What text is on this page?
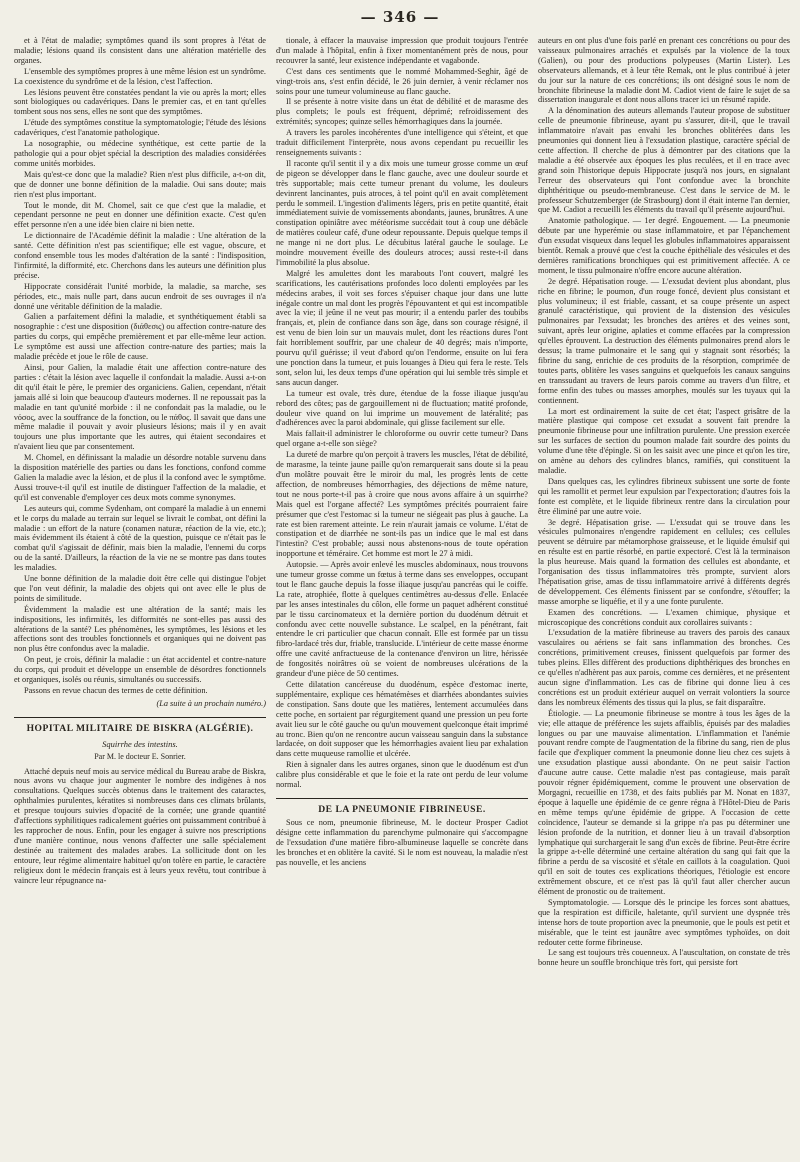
— 346 —

et à l'état de maladie; symptômes quand ils sont propres à l'état de maladie; lésions quand ils consistent dans une altération matérielle des organes.

L'ensemble des symptômes propres à une même lésion est un syndrôme. La coexistence du syndrôme et de la lésion, c'est l'affection.

Les lésions peuvent être constatées pendant la vie ou après la mort; elles sont biologiques ou cadavériques. Dans le premier cas, et en tant qu'elles tombent sous nos sens, elles ne sont que des symptômes.

L'étude des symptômes constitue la symptomatologie; l'étude des lésions cadavériques, c'est l'anatomie pathologique.

La nosographie, ou médecine synthétique, est cette partie de la pathologie qui a pour objet spécial la description des maladies considérées comme unités morbides.

Mais qu'est-ce donc que la maladie? Rien n'est plus difficile, a-t-on dit, que de donner une bonne définition de la maladie. Oui sans doute; mais rien n'est plus important.

Tout le monde, dit M. Chomel, sait ce que c'est que la maladie, et cependant personne ne peut en donner une définition exacte. C'est qu'en effet personne n'en a une idée bien claire ni bien nette.

Le dictionnaire de l'Académie définit la maladie : Une altération de la santé. Cette définition n'est pas scientifique; elle est vague, obscure, et confond ensemble tous les modes d'altération de la santé : l'indisposition, l'infirmité, la difformité, etc. Cherchons dans les auteurs une définition plus précise.

Hippocrate considérait l'unité morbide, la maladie, sa marche, ses périodes, etc., mais nulle part, dans aucun endroit de ses ouvrages il n'a donné une véritable définition de la maladie.

Galien a parfaitement défini la maladie, et synthétiquement établi sa nosographie : c'est une disposition (διάθεσις) ou affection contre-nature des parties du corps, qui empêche premièrement et par elle-même leur action. Le symptôme est aussi une affection contre-nature des parties; mais la maladie précède et joue le rôle de cause.

Ainsi, pour Galien, la maladie était une affection contre-nature des parties : c'était la lésion avec laquelle il confondait la maladie. Aussi a-t-on dit qu'il était le père, le premier des organiciens. Galien, cependant, n'était jamais allé si loin que beaucoup d'auteurs modernes. Il ne repoussait pas la maladie en tant qu'unité morbide : il ne confondait pas la maladie, ou le νόσος, avec la souffrance de la fonction, ou le πάθος. Il savait que dans une même maladie il pouvait y avoir plusieurs lésions; mais il y en avait toujours une plus importante que les autres, qui étaient secondaires et n'avaient lieu que par consentement.

M. Chomel, en définissant la maladie un désordre notable survenu dans la disposition matérielle des parties ou dans les fonctions, confond comme Galien la maladie avec la lésion, et de plus il la confond avec le symptôme. Aussi trouve-t-il qu'il est inutile de distinguer l'affection de la maladie, et qu'il est convenable d'employer ces deux mots comme synonymes.

Les auteurs qui, comme Sydenham, ont comparé la maladie à un ennemi et le corps du malade au terrain sur lequel se livrait le combat, ont défini la maladie : un effort de la nature (conamen naturæ, réaction de la vie, etc.); mais évidemment ils étaient à côté de la question, puisque ce n'était pas le combat qu'il s'agissait de définir, mais bien la maladie, l'ennemi du corps ou de la santé. D'ailleurs, la réaction de la vie ne se montre pas dans toutes les maladies.

Une bonne définition de la maladie doit être celle qui distingue l'objet que l'on veut définir, la maladie des objets qui ont avec elle le plus de points de similitude.

Évidemment la maladie est une altération de la santé; mais les indispositions, les infirmités, les difformités ne sont-elles pas aussi des altérations de la santé? Les phénomènes, les symptômes, les lésions et les affections sont des troubles fonctionnels et organiques qui ne doivent pas non plus être confondus avec la maladie.

On peut, je crois, définir la maladie : un état accidentel et contre-nature du corps, qui produit et développe un ensemble de désordres fonctionnels et organiques, isolés ou réunis, simultanés ou successifs.

Passons en revue chacun des termes de cette définition.

(La suite à un prochain numéro.)
HOPITAL MILITAIRE DE BISKRA (ALGÉRIE).
Squirrhe des intestins.
Par M. le docteur E. Sonrier.

Attaché depuis neuf mois au service médical du Bureau arabe de Biskra, nous avons vu chaque jour augmenter le nombre des indigènes à nos consultations. Quelques succès obtenus dans le traitement des cataractes, ophthalmies purulentes, kératites si nombreuses dans ces climats brûlants, et presque toujours suivies d'opacité de la cornée; une grande quantité d'affections syphilitiques radicalement guéries ont puissamment contribué à les rapprocher de nous. Enfin, pour les engager à suivre nos prescriptions d'une manière continue, nous venons d'affecter une salle spécialement destinée au traitement des malades arabes. La sollicitude dont on les entoure, leur régime alimentaire habituel qu'on tolère en partie, le caractère religieux dont le médecin français est à leurs yeux revêtu, tout contribue à vaincre leur répugnance na-

tionale, à effacer la mauvaise impression que produit toujours l'entrée d'un malade à l'hôpital, enfin à fixer momentanément près de nous, pour recouvrer la santé, leur existence indépendante et vagabonde.

C'est dans ces sentiments que le nommé Mohammed-Seghir, âgé de vingt-trois ans, s'est enfin décidé, le 26 juin dernier, à venir réclamer nos soins pour une tumeur volumineuse au flanc gauche.

Il se présente à notre visite dans un état de débilité et de marasme des plus complets; le pouls est fréquent, déprimé; refroidissement des extrémités; syncopes; quinze selles hémorrhagiques dans la journée.

A travers les paroles incohérentes d'une intelligence qui s'éteint, et que traduit difficilement l'interprète, nous avons cependant pu recueillir les renseignements suivants :

Il raconte qu'il sentit il y a dix mois une tumeur grosse comme un œuf de pigeon se développer dans le flanc gauche, avec une douleur sourde et très supportable; mais cette tumeur prenant du volume, les douleurs devinrent lancinantes, puis atroces, à tel point qu'il en avait complètement perdu le sommeil. L'ingestion d'aliments légers, pris en petite quantité, était immédiatement suivie de vomissements abondants, jaunes, brunâtres. A une constipation opiniâtre avec météorisme succédait tout à coup une débâcle de matières couleur café, d'une odeur repoussante. Depuis quelque temps il ne mange ni ne dort plus. Le décubitus latéral gauche le soulage. Le moindre mouvement éveille des douleurs atroces; aussi reste-t-il dans l'immobilité la plus absolue.

Malgré les amulettes dont les marabouts l'ont couvert, malgré les scarifications, les cautérisations profondes loco dolenti employées par les médecins arabes, il voit ses forces s'épuiser chaque jour dans une lutte inégale contre un mal dont les progrès l'épouvantent et qui est incompatible avec la vie; il jeûne il ne veut pas mourir; il a entendu parler des toubibs français, et, plein de confiance dans son âge, dans son courage résigné, il est venu de bien loin sur un mauvais mulet, dont les réactions dures l'ont fait horriblement souffrir, par une chaleur de 40 degrés; mais n'importe, pourvu qu'il guérisse; il veut d'abord qu'on l'endorme, ensuite on lui fera une ponction dans la tumeur, et puis louanges à Dieu qui fera le reste. Tels sont, selon lui, les deux temps d'une opération qui lui semble très simple et sans aucun danger.

La tumeur est ovale, très dure, étendue de la fosse iliaque jusqu'au rebord des côtes; pas de gargouillement ni de fluctuation; matité profonde, douleur vive quand on lui imprime un mouvement de latéralité; pas d'adhérences avec la paroi abdominale, qui glisse facilement sur elle.

Mais fallait-il administrer le chloroforme ou ouvrir cette tumeur? Dans quel organe a-t-elle son siège?

La dureté de marbre qu'on perçoit à travers les muscles, l'état de débilité, de marasme, la teinte jaune paille qu'on remarquerait sans doute si la peau d'un molâtre pouvait être le miroir du mal, les progrès lents de cette affection, de nombreuses hémorrhagies, des déjections de même nature, tout ne nous porte-t-il pas à croire que nous avons affaire à un squirrhe? Mais quel est l'organe affecté? Les symptômes précités pourraient faire présumer que c'est l'estomac si la tumeur ne siégeait pas plus à gauche. La rate est bien rarement atteinte. Le rein n'aurait jamais ce volume. L'état de constipation et de diarrhée ne sont-ils pas un indice que le mal est dans l'intestin? C'est probable; aussi nous abstenons-nous de toute opération inopportune et téméraire. Cet homme est mort le 27 à midi.

Autopsie. — Après avoir enlevé les muscles abdominaux, nous trouvons une tumeur grosse comme un fœtus à terme dans ses enveloppes, occupant tout le flanc gauche depuis la fosse iliaque jusqu'au pancréas qui le coiffe. La rate, atrophiée, flotte à quelques centimètres au-dessus d'elle. Enlacée par les anses intestinales du côlon, elle forme un paquet adhérent constitué par le tissu carcinomateux et la dernière portion du duodénum détruit et confondu avec cette nouvelle substance. Le scalpel, en la pénétrant, fait entendre le cri particulier que chacun connaît. Elle est formée par un tissu fibro-lardacé très dur, friable, translucide. L'intérieur de cette masse énorme offre une cavité anfractueuse de la contenance d'environ un litre, hérissée de fongosités noirâtres où se voient de nombreuses ulcérations de la grandeur d'une pièce de 50 centimes.

Cette dilatation cancéreuse du duodénum, espèce d'estomac inerte, supplémentaire, explique ces hématémèses et diarrhées abondantes suivies de constipation. Sans doute que les matières, lentement accumulées dans cette poche, en sortaient par régurgitement quand une pression un peu forte avait lieu sur le côté gauche ou qu'un mouvement quelconque était imprimé au tronc. Bien qu'on ne rencontre aucun vaisseau sanguin dans la substance lardacée, on doit supposer que les hémorrhagies avaient lieu par exhalation dans cette muqueuse ramollie et ulcérée.

Rien à signaler dans les autres organes, sinon que le duodénum est d'un calibre plus considérable et que le foie et la rate ont perdu de leur volume normal.

DE LA PNEUMONIE FIBRINEUSE.

Sous ce nom, pneumonie fibrineuse, M. le docteur Prosper Cadiot désigne cette inflammation du parenchyme pulmonaire qui s'accompagne de l'exsudation d'une matière fibro-albumineuse laquelle se concrète dans les bronches et en oblitère la cavité. Si le nom est nouveau, la maladie n'est pas nouvelle, et les anciens

auteurs en ont plus d'une fois parlé en prenant ces concrétions ou pour des vaisseaux pulmonaires arrachés et expulsés par la violence de la toux (Galien), ou pour des productions polypeuses (Martin Lister). Les observateurs allemands, et à leur tête Remak, ont le plus contribué à jeter du jour sur la nature de ces concrétions; ils ont désigné sous le nom de bronchite fibrineuse la maladie dont M. Cadiot vient de faire le sujet de sa dissertation inaugurale et dont nous allons tracer ici un résumé rapide.

A la dénomination des auteurs allemands l'auteur propose de substituer celle de pneumonie fibrineuse, ayant pu s'assurer, dit-il, que le travail inflammatoire n'avait pas envahi les bronches oblitérées dans les pneumonies qui donnent lieu à l'exsudation plastique, caractère spécial de cette affection. Il cherche de plus à démontrer par des citations que la maladie a été observée aux époques les plus reculées, et il en trace avec grand soin l'historique depuis Hippocrate jusqu'à nos jours, en signalant l'erreur des observateurs qui l'ont confondue avec la bronchite diphthéritique ou pseudo-membraneuse. C'est dans le service de M. le professeur Schutzemberger (de Strasbourg) dont il était interne l'an dernier, que M. Cadiot a recueilli les éléments du travail qu'il présente aujourd'hui.

Anatomie pathologique. — 1er degré. Engouement. — La pneumonie débute par une hyperémie ou stase inflammatoire, et par l'épanchement d'un exsudat visqueux dans lequel les globules inflammatoires apparaissent bientôt. Remak a prouvé que c'est la couche épithéliale des vésicules et des dernières ramifications bronchiques qui est primitivement affectée. A ce moment, le tissu pulmonaire n'offre encore aucune altération.

2e degré. Hépatisation rouge. — L'exsudat devient plus abondant, plus riche en fibrine; le poumon, d'un rouge foncé, devient plus consistant et plus volumineux; il est friable, cassant, et sa coupe présente un aspect granulé caractéristique, qui provient de la distension des vésicules pulmonaires par l'exsudat; les bronches des artères et des veines sont, suivant, après leur origine, aplaties et comme effacées par la compression qu'elles éprouvent. La destruction des éléments pulmonaires prend alors le dessus; la trame pulmonaire et le sang qui y stagnait sont résorbés; la fibrine du sang, enrichie de ces produits de la résorption, comprimée de toutes parts, oblitère les vases sanguins et quelquefois les canaux sanguins en transsudant au travers de leurs parois comme au travers d'un filtre, et forme enfin des tubes ou masses amorphes, moulés sur les tuyaux qui la contiennent.

La mort est ordinairement la suite de cet état; l'aspect grisâtre de la matière plastique qui compose cet exsudat a souvent fait prendre la pneumonie fibrineuse pour une infiltration purulente. Une pression exercée sur les surfaces de section du poumon malade fait sourdre des points du volume d'une tête d'épingle. Si on les saisit avec une pince et qu'on les tire, on amène au dehors des cylindres blancs, ramifiés, qui constituent la maladie.

Dans quelques cas, les cylindres fibrineux subissent une sorte de fonte qui les ramollit et permet leur expulsion par l'expectoration; d'autres fois la fonte est complète, et le liquide fibrineux rentre dans la circulation pour être éliminé par une autre voie.

3e degré. Hépatisation grise. — L'exsudat qui se trouve dans les vésicules pulmonaires n'engendre rapidement en cellules; ces cellules peuvent se détruire par métamorphose graisseuse, et le liquide émulsif qui en résulte est en partie résorbé, en partie expectoré. C'est là la terminaison la plus heureuse. Mais quand la formation des cellules est abondante, et l'organisation des tissus inflammatoires très prompte, survient alors l'hépatisation grise, amas de tissu inflammatoire arrivé à différents degrés de développement. Ces éléments finissent par se confondre, s'étouffer; la masse amorphe se liquéfie, et il y a une fonte purulente.

Examen des concrétions. — L'examen chimique, physique et microscopique des concrétions conduit aux corollaires suivants :

L'exsudation de la matière fibrineuse au travers des parois des canaux vasculaires ou aériens se fait sans inflammation des bronches. Ces concrétions, primitivement creuses, finissent quelquefois par former des tubes pleins. Elles diffèrent des productions diphthériques des bronches en ce qu'elles n'adhèrent pas aux parois, comme ces dernières, et ne présentent aucun signe d'inflammation. Les cas de fibrine qui donne lieu à ces concrétions est un produit extérieur auquel on verrait volontiers la source dans les nombreux éléments des tissus qui la plus, se fait disparaître.

Étiologie. — La pneumonie fibrineuse se montre à tous les âges de la vie; elle attaque de préférence les sujets affaiblis, épuisés par des maladies longues ou par une mauvaise alimentation. L'inflammation et l'anémie pouvant rendre compte de l'augmentation de la fibrine du sang, rien de plus facile que d'expliquer comment la pneumonie donne lieu chez ces sujets à une exsudation plastique aussi abondante. On ne peut saisir l'action d'aucune autre cause. Cette maladie n'est pas contagieuse, mais paraît pouvoir régner épidémiquement, comme le prouvent une observation de Morgagni, recueillie en 1738, et des faits publiés par M. Nonat en 1837, époque à laquelle une épidémie de ce genre régna à l'Hôtel-Dieu de Paris en même temps qu'une épidémie de grippe. A l'occasion de cette coïncidence, l'auteur se demande si la grippe n'a pas pu déterminer une lésion profonde de la nutrition, et donner lieu à un travail d'absorption lymphatique qui surchargerait le sang d'un excès de fibrine. Peut-être écrire la grippe a-t-elle déterminé une certaine altération du sang qui fait que la fibrine a perdu de sa viscosité et s'étale en caillots à la coagulation. Quoi qu'il en soit de toutes ces explications théoriques, l'étiologie est encore extrêmement obscure, et ce n'est pas là qu'il faut aller chercher aucun élément de pronostic ou de traitement.

Symptomatologie. — Lorsque dès le principe les forces sont abattues, que la respiration est difficile, haletante, qu'il survient une dyspnée très intense hors de toute proportion avec la pneumonie, que le pouls est petit et misérable, que le teint est jaunâtre avec symptômes typhoïdes, on doit redouter cette forme fibrineuse.

Le sang est toujours très couenneux. A l'auscultation, on constate de très bonne heure un souffle bronchique très fort, qui persiste fort
